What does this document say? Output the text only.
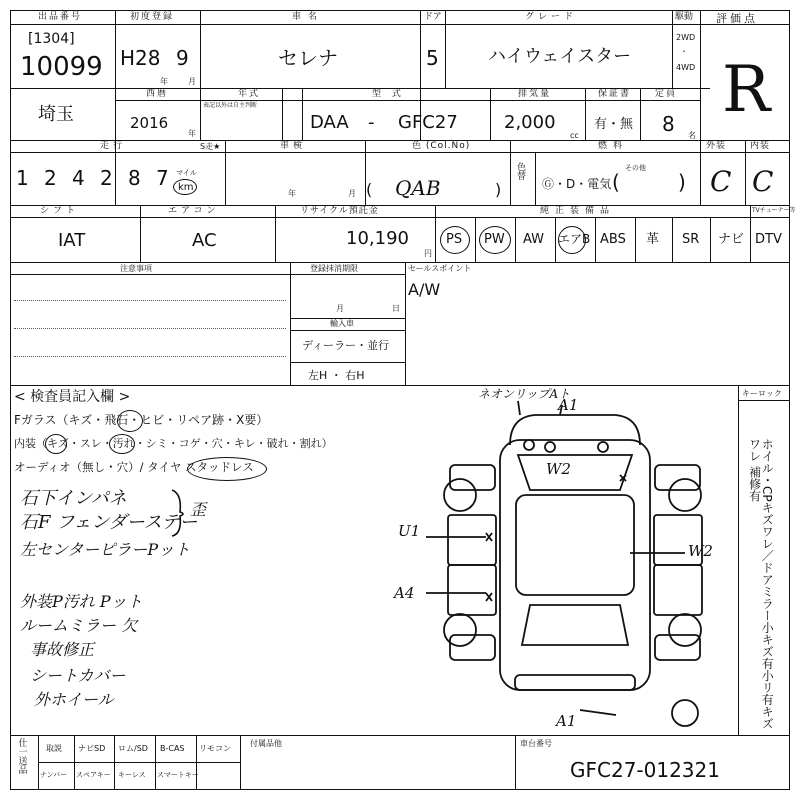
出品番号
[1304]
10099
初度登録
H28 9
年	月
車 名
セレナ
ドア
5
グレード
ハイウェイスター
駆動
2WD
・
4WD
評価点
R
埼玉
西暦
2016
年
年式
表記以外は自主判断
型 式
DAA - GFC27
排気量
2,000
cc
保証書
有・無
定員
8 名
走行
1 2 4 2 8 7 マイル
km
S走★	車検
年	月
色 (Col.No)
( QAB	)
色替
燃料
その他
Ⓖ・D・電気 (	)
外装
C
内装
C
シフト
IAT
エアコン
AC
リサイクル預託金
10,190
円
純正装備品	TVチューナー等
PS PW AW エアB ABS 革 SR ナビ DTV
注意事項	登録抹消期限
月	日
輸入車
ディーラー・並行
左H ・ 右H
セールスポイント
A/W
< 検査員記入欄 >
Fガラス（キズ・飛石・ヒビ・リペア跡・X要）
内装（キズ・スレ・汚れ・シミ・コゲ・穴・キレ・破れ・割れ）
オーディオ（無し・穴）/ タイヤ スタッドレス
石下インパネ
石F フェンダーステー
左センターピラーPット
外装P汚れ Pット
ルームミラー 欠
事故修正
シートカバー
外ホイール
歪
キーロック
ホイル・CPキズワレ／ドアミラー小キズ有小リ有キズワレ 補修有
ネオンリップAト
A1
W2
U1
W2
A4
A1
仕一送品 取説 ナビSD ロム/SD B-CAS リモコン
ナンバー スペアキー キーレス スマートキー
付属品他	車台番号
GFC27-012321
